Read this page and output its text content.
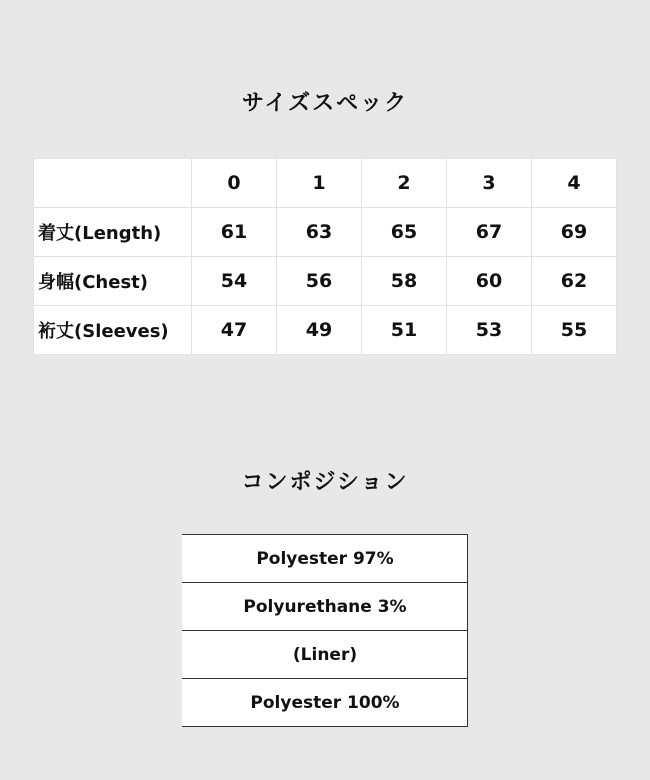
サイズスペック
	0	1	2	3	4
着丈(Length)	61	63	65	67	69
身幅(Chest)	54	56	58	60	62
裄丈(Sleeves)	47	49	51	53	55
コンポジション
Polyester 97%
Polyurethane 3%
(Liner)
Polyester 100%
